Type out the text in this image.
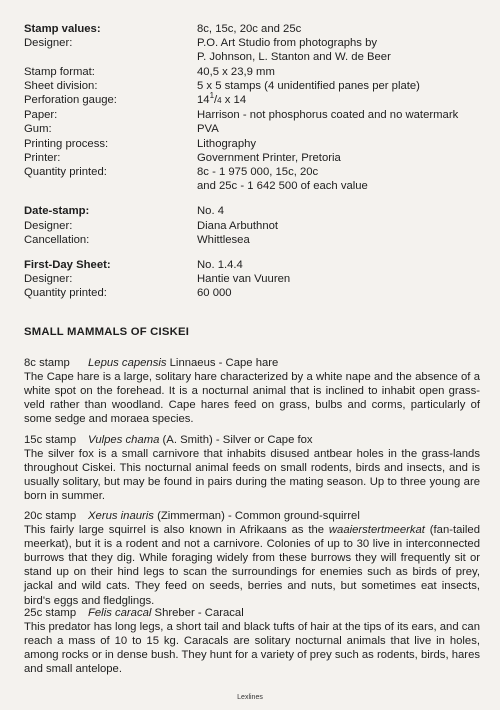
Stamp values:	8c, 15c, 20c and 25c
Designer:	P.O. Art Studio from photographs by
P. Johnson, L. Stanton and W. de Beer
Stamp format:	40,5 x 23,9 mm
Sheet division:	5 x 5 stamps (4 unidentified panes per plate)
Perforation gauge:	$14^1/4$ x 14
Paper:	Harrison - not phosphorus coated and no watermark
Gum:	PVA
Printing process:	Lithography
Printer:	Government Printer, Pretoria
Quantity printed:	8c - 1 975 000, 15c, 20c
and 25c - 1 642 500 of each value
Date-stamp:	No. 4
Designer:	Diana Arbuthnot
Cancellation:	Whittlesea
First-Day Sheet:	No. 1.4.4
Designer:	Hantie van Vuuren
Quantity printed:	60 000
SMALL MAMMALS OF CISKEI
8c stamp Lepus capensis Linnaeus - Cape hare

The Cape hare is a large, solitary hare characterized by a white nape and the absence of a white spot on the forehead. It is a nocturnal animal that is inclined to inhabit open grass-veld rather than woodland. Cape hares feed on grass, bulbs and corms, particularly of some sedge and moraea species.

15c stamp Vulpes chama (A. Smith) - Silver or Cape fox

The silver fox is a small carnivore that inhabits disused antbear holes in the grass-lands throughout Ciskei. This nocturnal animal feeds on small rodents, birds and insects, and is usually solitary, but may be found in pairs during the mating season. Up to three young are born in summer.

20c stamp Xerus inauris (Zimmerman) - Common ground-squirrel

This fairly large squirrel is also known in Afrikaans as the waaierstertmeerkat (fan-tailed meerkat), but it is a rodent and not a carnivore. Colonies of up to 30 live in interconnected burrows that they dig. While foraging widely from these burrows they will frequently sit or stand up on their hind legs to scan the surroundings for enemies such as birds of prey, jackal and wild cats. They feed on seeds, berries and nuts, but sometimes eat insects, bird's eggs and fledglings.

25c stamp Felis caracal Shreber - Caracal

This predator has long legs, a short tail and black tufts of hair at the tips of its ears, and can reach a mass of 10 to 15 kg. Caracals are solitary nocturnal animals that live in holes, among rocks or in dense bush. They hunt for a variety of prey such as rodents, birds, hares and small antelope.

Lexlines
